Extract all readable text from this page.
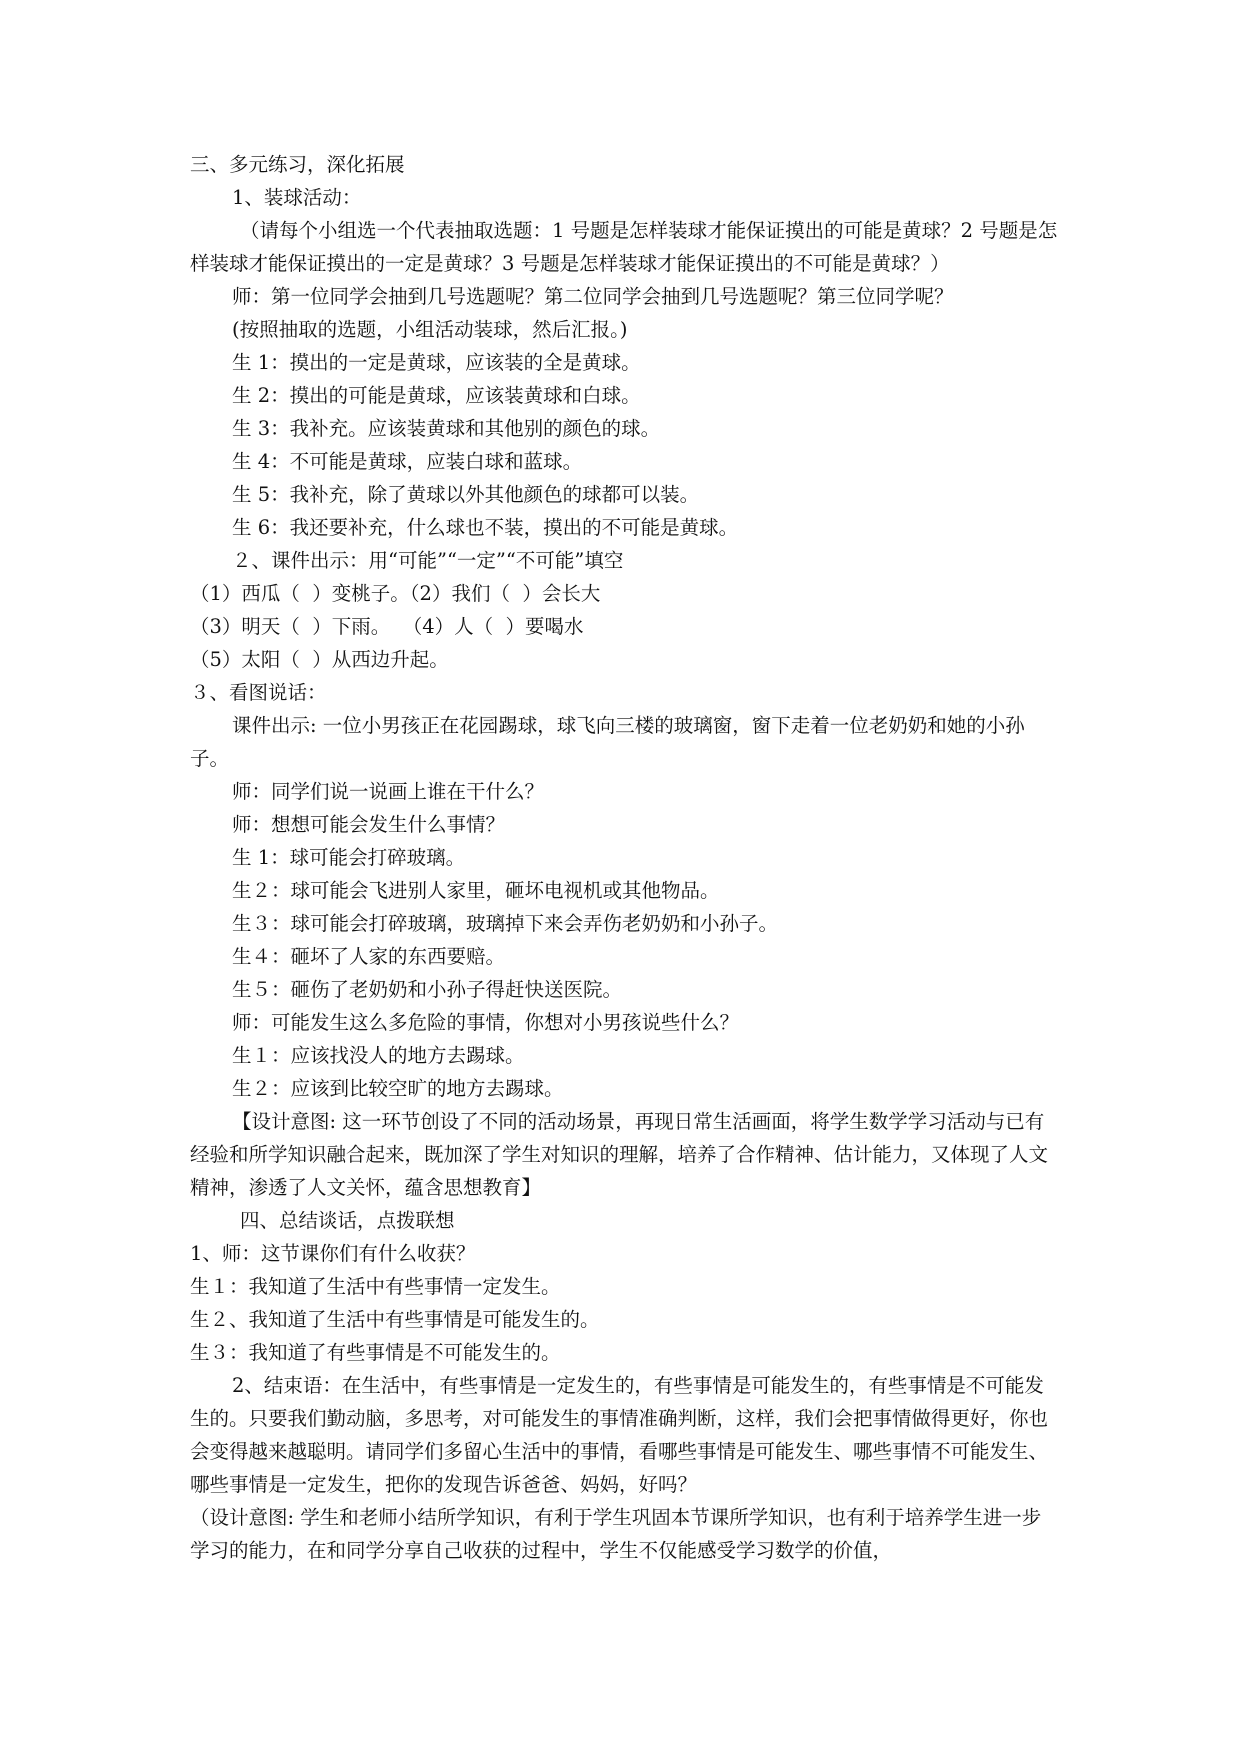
三、多元练习，深化拓展

1、装球活动：

（请每个小组选一个代表抽取选题：1 号题是怎样装球才能保证摸出的可能是黄球？2 号题是怎样装球才能保证摸出的一定是黄球？3 号题是怎样装球才能保证摸出的不可能是黄球？）

师：第一位同学会抽到几号选题呢？第二位同学会抽到几号选题呢？第三位同学呢？

(按照抽取的选题，小组活动装球，然后汇报。)

生 1：摸出的一定是黄球，应该装的全是黄球。

生 2：摸出的可能是黄球，应该装黄球和白球。

生 3：我补充。应该装黄球和其他别的颜色的球。

生 4：不可能是黄球，应装白球和蓝球。

生 5：我补充，除了黄球以外其他颜色的球都可以装。

生 6：我还要补充，什么球也不装，摸出的不可能是黄球。

２、课件出示：用“可能”“一定”“不可能”填空

（1）西瓜（  ）变桃子。（2）我们（  ）会长大

（3）明天（  ）下雨。  （4）人（  ）要喝水

（5）太阳（  ）从西边升起。

３、看图说话：

课件出示: 一位小男孩正在花园踢球，球飞向三楼的玻璃窗，窗下走着一位老奶奶和她的小孙子。

师：同学们说一说画上谁在干什么？

师：想想可能会发生什么事情？

生 1：球可能会打碎玻璃。

生２：球可能会飞进别人家里，砸坏电视机或其他物品。

生３：球可能会打碎玻璃，玻璃掉下来会弄伤老奶奶和小孙子。

生４：砸坏了人家的东西要赔。

生５：砸伤了老奶奶和小孙子得赶快送医院。

师：可能发生这么多危险的事情，你想对小男孩说些什么？

生１：应该找没人的地方去踢球。

生２：应该到比较空旷的地方去踢球。

【设计意图: 这一环节创设了不同的活动场景，再现日常生活画面，将学生数学学习活动与已有经验和所学知识融合起来，既加深了学生对知识的理解，培养了合作精神、估计能力，又体现了人文精神，渗透了人文关怀，蕴含思想教育】

四、总结谈话，点拨联想

1、师：这节课你们有什么收获？

生１：我知道了生活中有些事情一定发生。

生２、我知道了生活中有些事情是可能发生的。

生３：我知道了有些事情是不可能发生的。

2、结束语：在生活中，有些事情是一定发生的，有些事情是可能发生的，有些事情是不可能发生的。只要我们勤动脑，多思考，对可能发生的事情准确判断，这样，我们会把事情做得更好，你也会变得越来越聪明。请同学们多留心生活中的事情，看哪些事情是可能发生、哪些事情不可能发生、哪些事情是一定发生，把你的发现告诉爸爸、妈妈，好吗？

（设计意图: 学生和老师小结所学知识，有利于学生巩固本节课所学知识，也有利于培养学生进一步学习的能力，在和同学分享自己收获的过程中，学生不仅能感受学习数学的价值，
